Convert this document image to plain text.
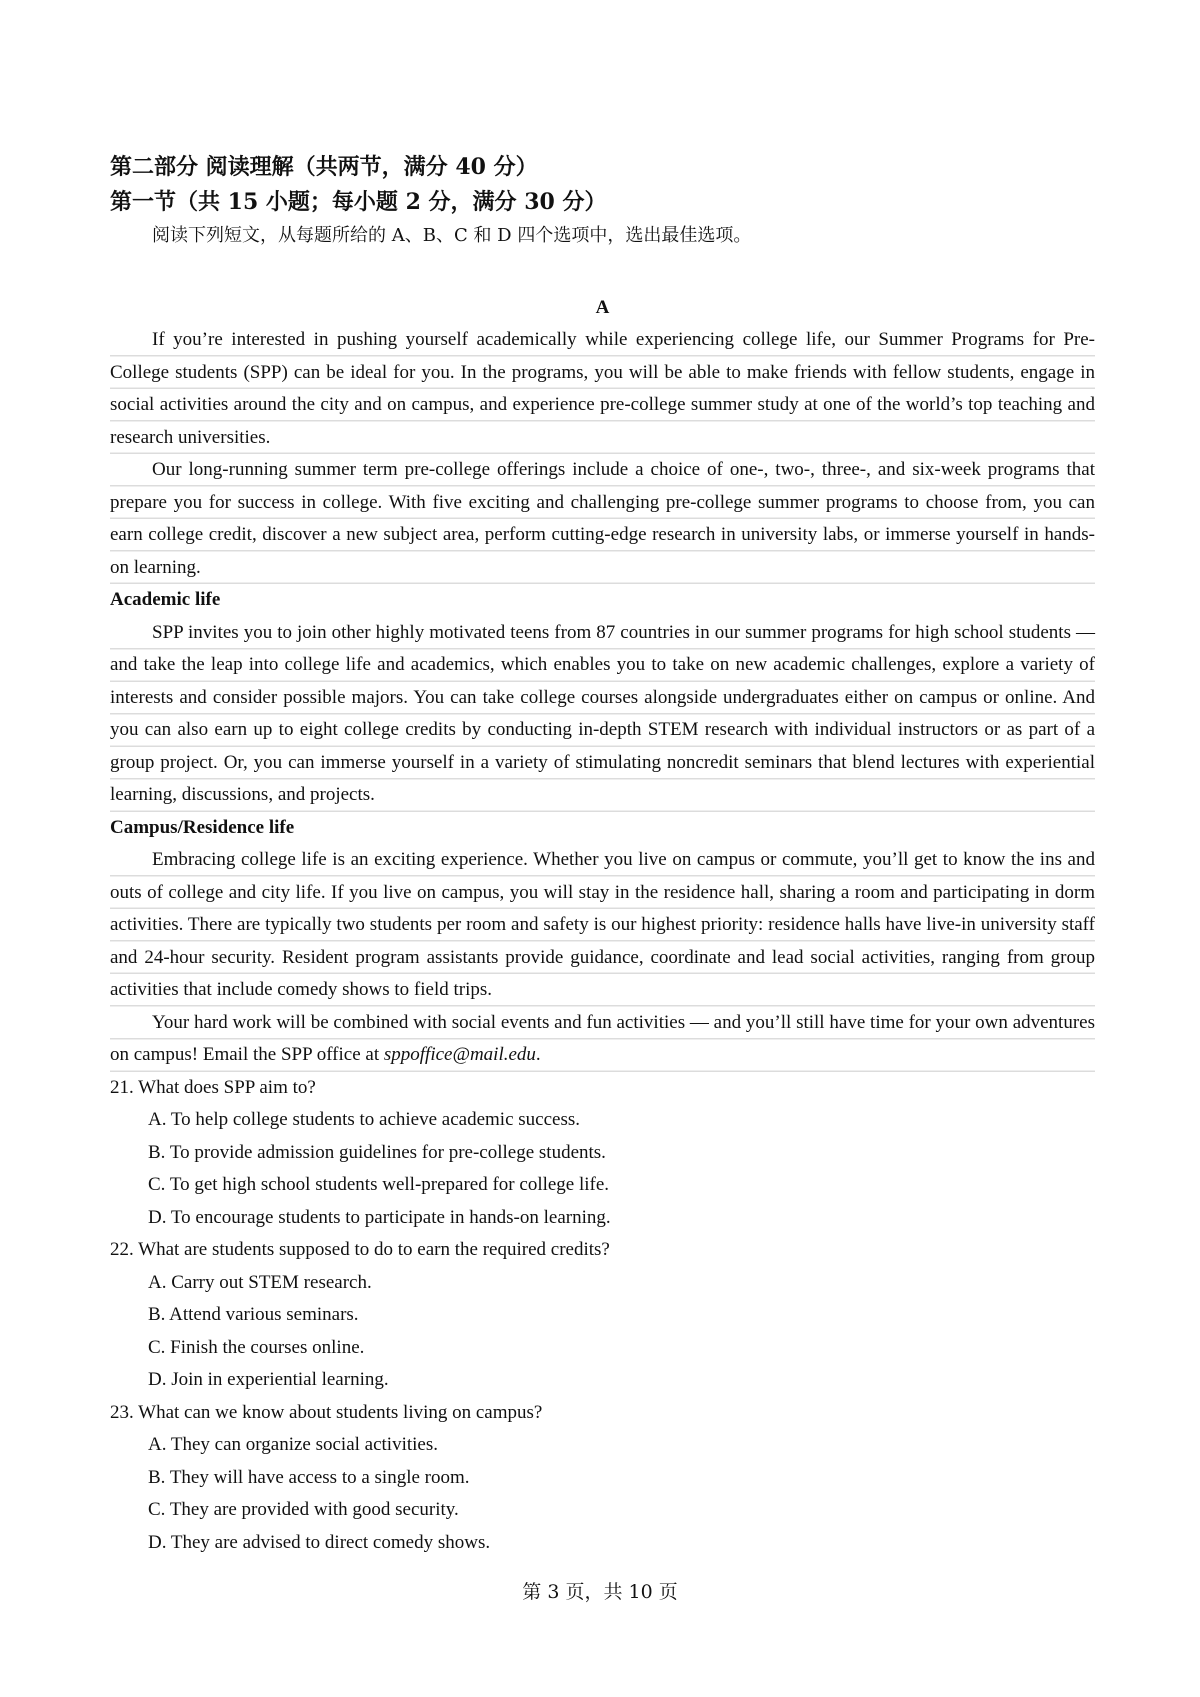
第二部分 阅读理解（共两节，满分 40 分）
第一节（共 15 小题；每小题 2 分，满分 30 分）

阅读下列短文，从每题所给的 A、B、C 和 D 四个选项中，选出最佳选项。

A

If you’re interested in pushing yourself academically while experiencing college life, our Summer Programs for Pre-College students (SPP) can be ideal for you. In the programs, you will be able to make friends with fellow students, engage in social activities around the city and on campus, and experience pre-college summer study at one of the world’s top teaching and research universities.

Our long-running summer term pre-college offerings include a choice of one-, two-, three-, and six-week programs that prepare you for success in college. With five exciting and challenging pre-college summer programs to choose from, you can earn college credit, discover a new subject area, perform cutting-edge research in university labs, or immerse yourself in hands-on learning.

Academic life

SPP invites you to join other highly motivated teens from 87 countries in our summer programs for high school students — and take the leap into college life and academics, which enables you to take on new academic challenges, explore a variety of interests and consider possible majors. You can take college courses alongside undergraduates either on campus or online. And you can also earn up to eight college credits by conducting in-depth STEM research with individual instructors or as part of a group project. Or, you can immerse yourself in a variety of stimulating noncredit seminars that blend lectures with experiential learning, discussions, and projects.

Campus/Residence life

Embracing college life is an exciting experience. Whether you live on campus or commute, you’ll get to know the ins and outs of college and city life. If you live on campus, you will stay in the residence hall, sharing a room and participating in dorm activities. There are typically two students per room and safety is our highest priority: residence halls have live-in university staff and 24-hour security. Resident program assistants provide guidance, coordinate and lead social activities, ranging from group activities that include comedy shows to field trips.

Your hard work will be combined with social events and fun activities — and you’ll still have time for your own adventures on campus! Email the SPP office at sppoffice@mail.edu.

21. What does SPP aim to?

A. To help college students to achieve academic success.
B. To provide admission guidelines for pre-college students.
C. To get high school students well-prepared for college life.
D. To encourage students to participate in hands-on learning.

22. What are students supposed to do to earn the required credits?

A. Carry out STEM research.
B. Attend various seminars.
C. Finish the courses online.
D. Join in experiential learning.

23. What can we know about students living on campus?

A. They can organize social activities.
B. They will have access to a single room.
C. They are provided with good security.
D. They are advised to direct comedy shows.
第 3 页，共 10 页
